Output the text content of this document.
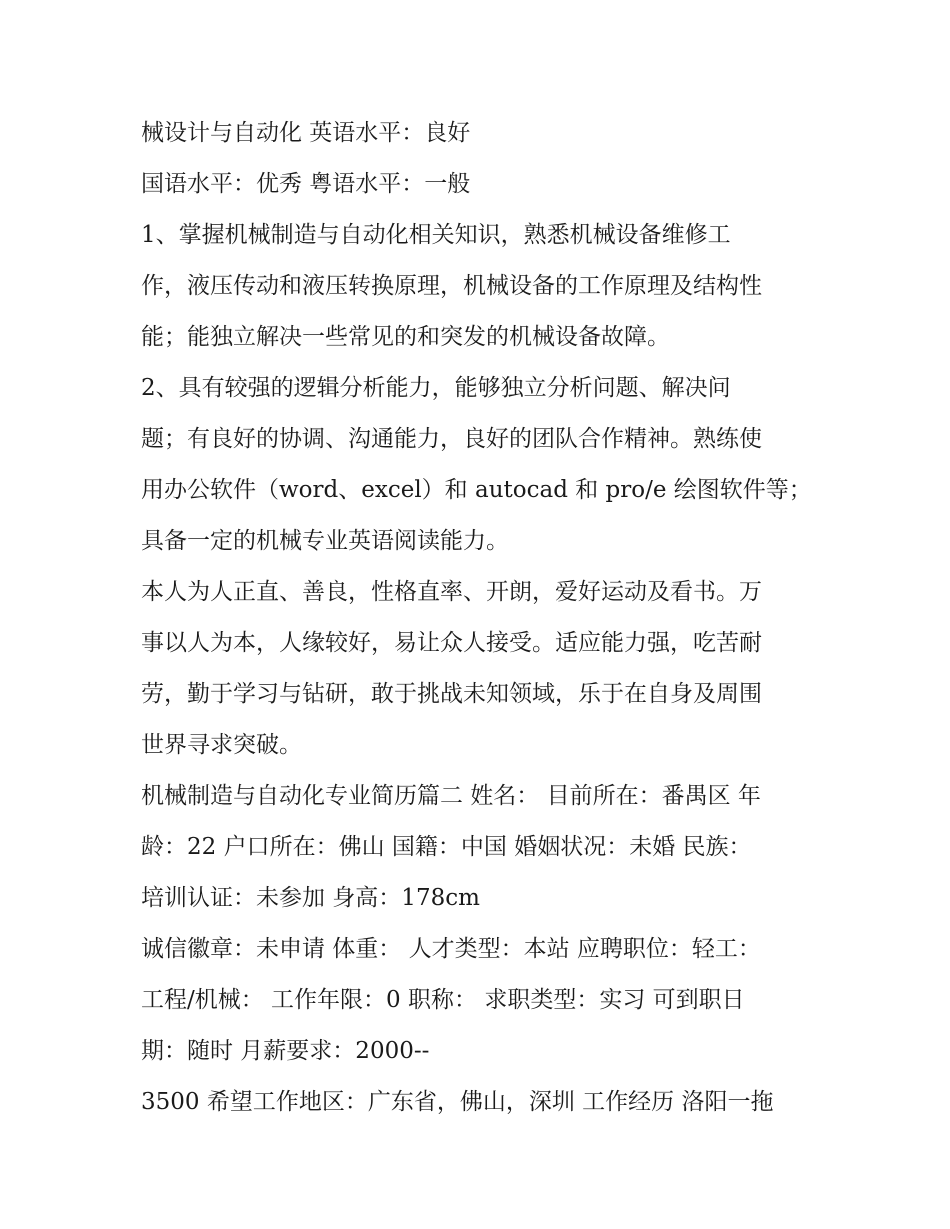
械设计与自动化 英语水平：良好
国语水平：优秀 粤语水平：一般
1、掌握机械制造与自动化相关知识，熟悉机械设备维修工
作，液压传动和液压转换原理，机械设备的工作原理及结构性
能；能独立解决一些常见的和突发的机械设备故障。
2、具有较强的逻辑分析能力，能够独立分析问题、解决问
题；有良好的协调、沟通能力，良好的团队合作精神。熟练使
用办公软件（word、excel）和 autocad 和 pro/e 绘图软件等；
具备一定的机械专业英语阅读能力。
本人为人正直、善良，性格直率、开朗，爱好运动及看书。万
事以人为本，人缘较好，易让众人接受。适应能力强，吃苦耐
劳，勤于学习与钻研，敢于挑战未知领域，乐于在自身及周围
世界寻求突破。
机械制造与自动化专业简历篇二 姓名： 目前所在：番禺区 年
龄：22 户口所在：佛山 国籍：中国 婚姻状况：未婚 民族：
培训认证：未参加 身高：178cm
诚信徽章：未申请 体重： 人才类型：本站 应聘职位：轻工：
工程/机械： 工作年限：0 职称： 求职类型：实习 可到职日
期：随时 月薪要求：2000--
3500 希望工作地区：广东省，佛山，深圳 工作经历 洛阳一拖
